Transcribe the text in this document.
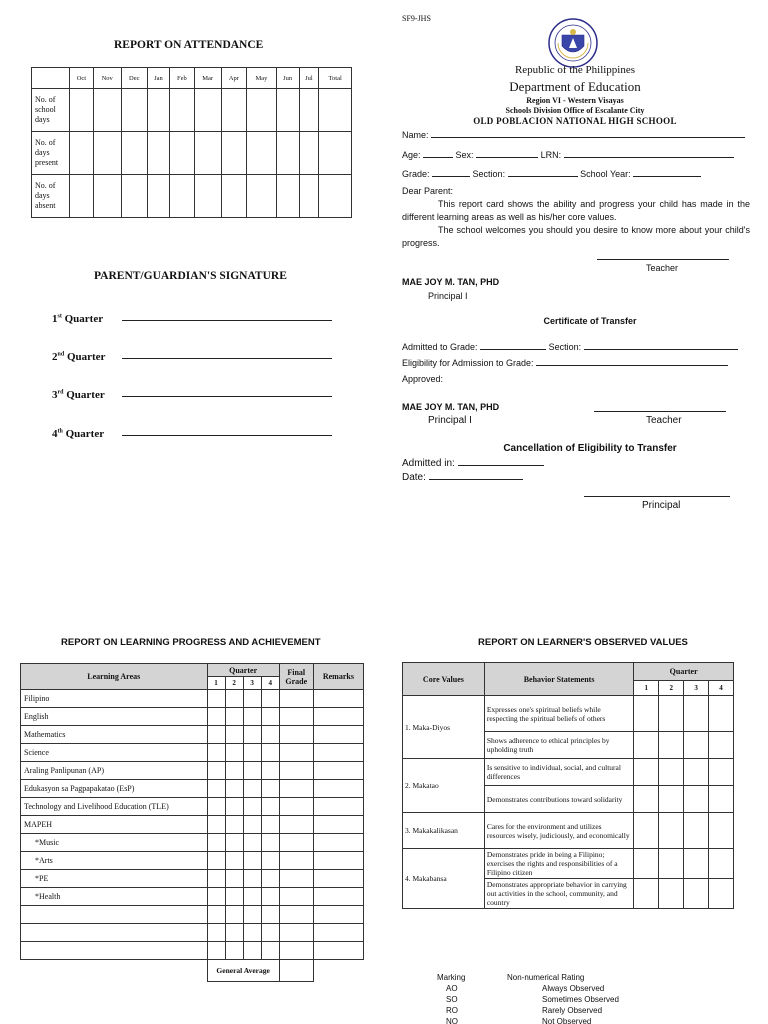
REPORT ON ATTENDANCE
	Oct	Nov	Dec	Jan	Feb	Mar	Apr	May	Jun	Jul	Total
No. of school days											
No. of days present											
No. of days absent											
PARENT/GUARDIAN'S SIGNATURE
1st Quarter
2nd Quarter
3rd Quarter
4th Quarter
SF9-JHS
Republic of the Philippines
Department of Education
Region VI - Western Visayas
Schools Division Office of Escalante City
OLD POBLACION NATIONAL HIGH SCHOOL
Name:
Age:	Sex:	LRN:
Grade:	Section:	School Year:
Dear Parent:
This report card shows the ability and progress your child has made in the different learning areas as well as his/her core values.
The school welcomes you should you desire to know more about your child's progress.
Teacher
MAE JOY M. TAN, PHD
Principal I
Certificate of Transfer
Admitted to Grade:	Section:
Eligibility for Admission to Grade:
Approved:
MAE JOY M. TAN, PHD
Principal I	Teacher
Cancellation of Eligibility to Transfer
Admitted in:
Date:
Principal
REPORT ON LEARNING PROGRESS AND ACHIEVEMENT
Learning Areas	Quarter				Final Grade	Remarks
	1	2	3	4		
Filipino						
English						
Mathematics						
Science						
Araling Panlipunan (AP)						
Edukasyon sa Pagpapakatao (EsP)						
Technology and Livelihood Education (TLE)						
MAPEH						
*Music						
*Arts						
*PE						
*Health						

	General Average					
REPORT ON LEARNER'S OBSERVED VALUES
Core Values	Behavior Statements	Quarter			
		1	2	3	4
1. Maka-Diyos	Expresses one's spiritual beliefs while respecting the spiritual beliefs of others				
	Shows adherence to ethical principles by upholding truth				
2. Makatao	Is sensitive to individual, social, and cultural differences				
	Demonstrates contributions toward solidarity				
3. Makakalikasan	Cares for the environment and utilizes resources wisely, judiciously, and economically				
4. Makabansa	Demonstrates pride in being a Filipino; exercises the rights and responsibilities of a Filipino citizen				
	Demonstrates appropriate behavior in carrying out activities in the school, community, and country				
Marking	Non-numerical Rating
AO	Always Observed
SO	Sometimes Observed
RO	Rarely Observed
NO	Not Observed
